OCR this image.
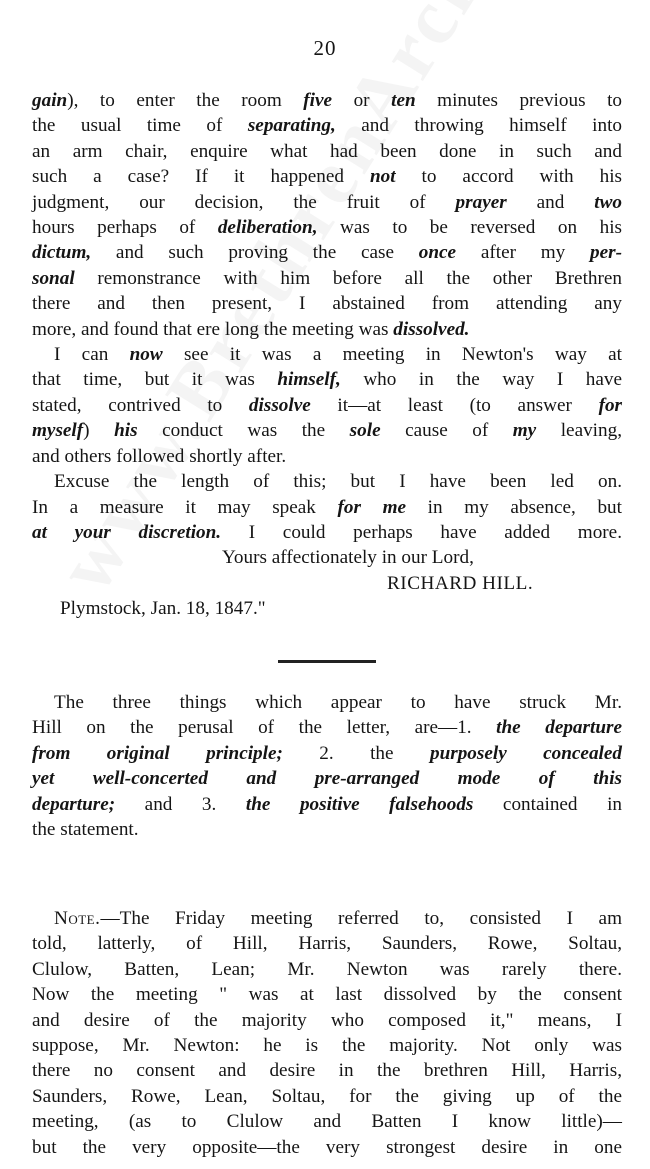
20
gain), to enter the room five or ten minutes previous to
the usual time of separating, and throwing himself into
an arm chair, enquire what had been done in such and
such a case? If it happened not to accord with his
judgment, our decision, the fruit of prayer and two
hours perhaps of deliberation, was to be reversed on his
dictum, and such proving the case once after my per-
sonal remonstrance with him before all the other Brethren
there and then present, I abstained from attending any
more, and found that ere long the meeting was dissolved.
I can now see it was a meeting in Newton's way at
that time, but it was himself, who in the way I have
stated, contrived to dissolve it—at least (to answer for
myself) his conduct was the sole cause of my leaving,
and others followed shortly after.
Excuse the length of this; but I have been led on.
In a measure it may speak for me in my absence, but
at your discretion. I could perhaps have added more.
Yours affectionately in our Lord,
RICHARD HILL.
Plymstock, Jan. 18, 1847."
The three things which appear to have struck Mr.
Hill on the perusal of the letter, are—1. the departure
from original principle; 2. the purposely concealed
yet well-concerted and pre-arranged mode of this
departure; and 3. the positive falsehoods contained in
the statement.
Note.—The Friday meeting referred to, consisted I am
told, latterly, of Hill, Harris, Saunders, Rowe, Soltau,
Clulow, Batten, Lean; Mr. Newton was rarely there.
Now the meeting " was at last dissolved by the consent
and desire of the majority who composed it," means, I
suppose, Mr. Newton: he is the majority. Not only was
there no consent and desire in the brethren Hill, Harris,
Saunders, Rowe, Lean, Soltau, for the giving up of the
meeting, (as to Clulow and Batten I know little)—
but the very opposite—the very strongest desire in one
